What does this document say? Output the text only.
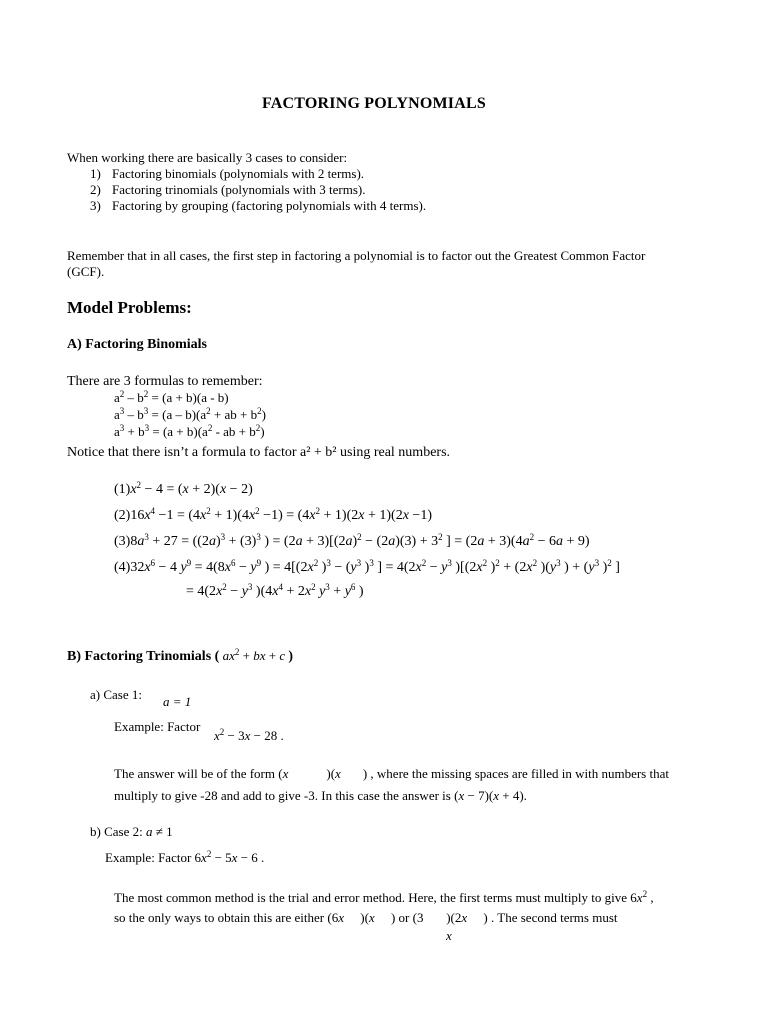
FACTORING POLYNOMIALS
When working there are basically 3 cases to consider:
1) Factoring binomials (polynomials with 2 terms).
2) Factoring trinomials (polynomials with 3 terms).
3) Factoring by grouping (factoring polynomials with 4 terms).
Remember that in all cases, the first step in factoring a polynomial is to factor out the Greatest Common Factor
(GCF).
Model Problems:
A) Factoring Binomials
There are 3 formulas to remember:
$a^2 - b^2 = (a + b)(a - b)$
$a^3 - b^3 = (a - b)(a^2$ + ab + $b^2$)
$a^3 + b^3 = (a + b)(a^2$ - ab + $b^2$)
Notice that there isn’t a formula to factor a² + b² using real numbers.
$(1)x^2 - 4 = (x + 2)(x - 2)$
$(2)16x^4 -1 = (4x^2 + 1)(4x^2 -1) = (4x^2 + 1)(2x + 1)(2x -1)$
$(3)8a^3 + 27 = ((2a)^3 + (3)^3$ ) = $(2a + 3)[(2a)^2 - (2a)(3) + 3^2$ ] = $(2a + 3)(4a^2 - 6a + 9)$
$(4)32x^6 - 4$ $y^9 = 4(8x^6 - y^9$ ) = $4[(2x^2$ )$^3 - (y^3$ )$^3$ ] = $4(2x^2 - y^3$ )[($2x^2$ )$^2 + (2x^2$ )($y^3$ ) + ($y^3$ )$^2$ ]
= $4(2x^2 - y^3$ )($4x^4 + 2x^2$ $y^3 + y^6$ )
B) Factoring Trinomials ( $ax^2$ + bx + c )
a) Case 1: a = 1
Example: Factor
$x^2 - 3x - 28$ .
The answer will be of the form (x	)(x ) , where the missing spaces are filled in with numbers that
multiply to give -28 and add to give -3. In this case the answer is (x − 7)(x + 4).
b) Case 2: a ≠ 1
Example: Factor $6x^2 - 5x - 6$ .
The most common method is the trial and error method. Here, the first terms must multiply to give $6x^2$ ,
so the only ways to obtain this are either (6x     )(x     ) or (3       )(2x     ) . The second terms must
x
